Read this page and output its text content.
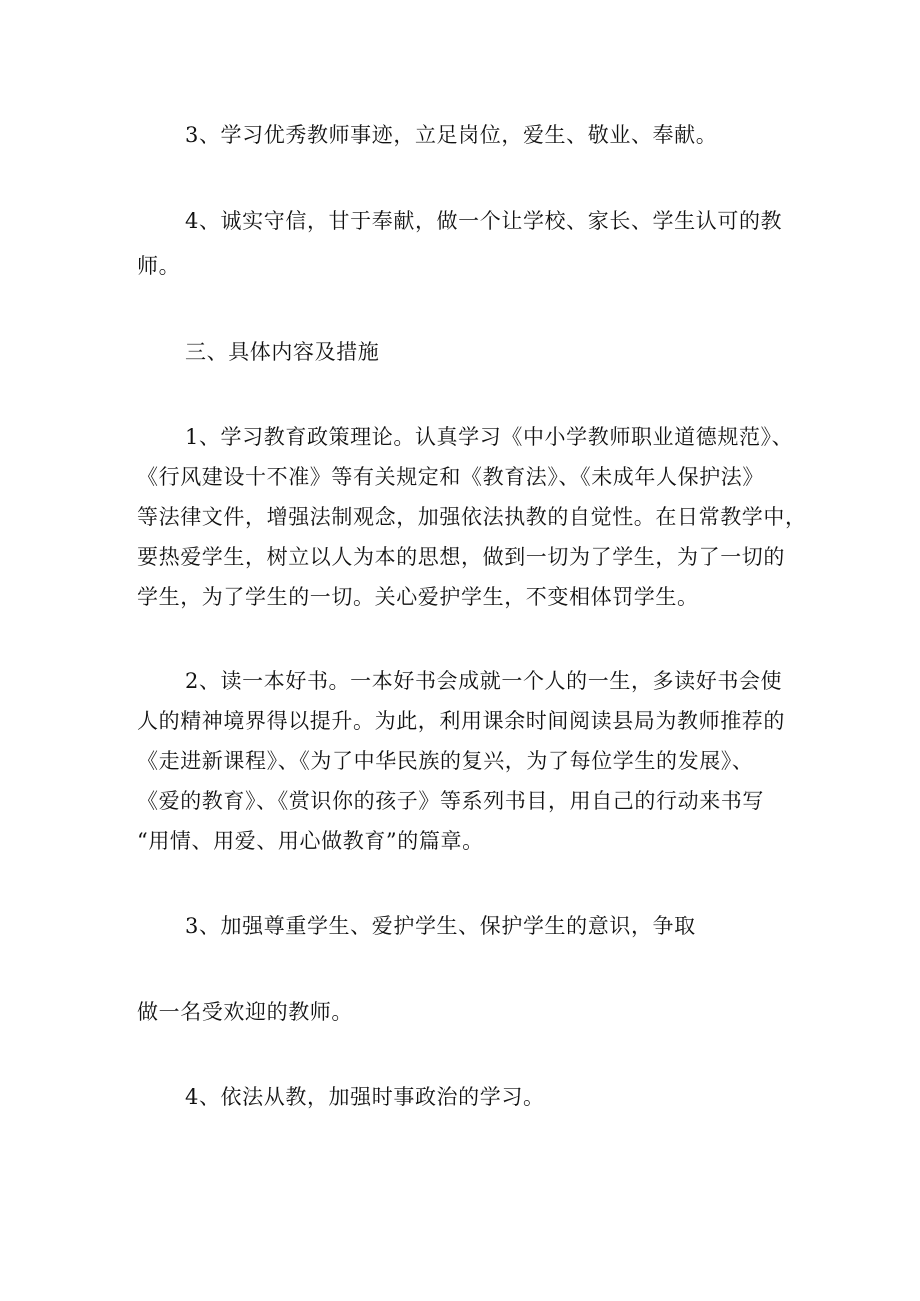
3、学习优秀教师事迹，立足岗位，爱生、敬业、奉献。

4、诚实守信，甘于奉献，做一个让学校、家长、学生认可的教

师。

三、具体内容及措施

1、学习教育政策理论。认真学习《中小学教师职业道德规范》、

《行风建设十不准》等有关规定和《教育法》、《未成年人保护法》

等法律文件，增强法制观念，加强依法执教的自觉性。在日常教学中，

要热爱学生，树立以人为本的思想，做到一切为了学生，为了一切的

学生，为了学生的一切。关心爱护学生，不变相体罚学生。

2、读一本好书。一本好书会成就一个人的一生，多读好书会使

人的精神境界得以提升。为此，利用课余时间阅读县局为教师推荐的

《走进新课程》、《为了中华民族的复兴，为了每位学生的发展》、

《爱的教育》、《赏识你的孩子》等系列书目，用自己的行动来书写

“用情、用爱、用心做教育”的篇章。

3、加强尊重学生、爱护学生、保护学生的意识，争取

做一名受欢迎的教师。

4、依法从教，加强时事政治的学习。
